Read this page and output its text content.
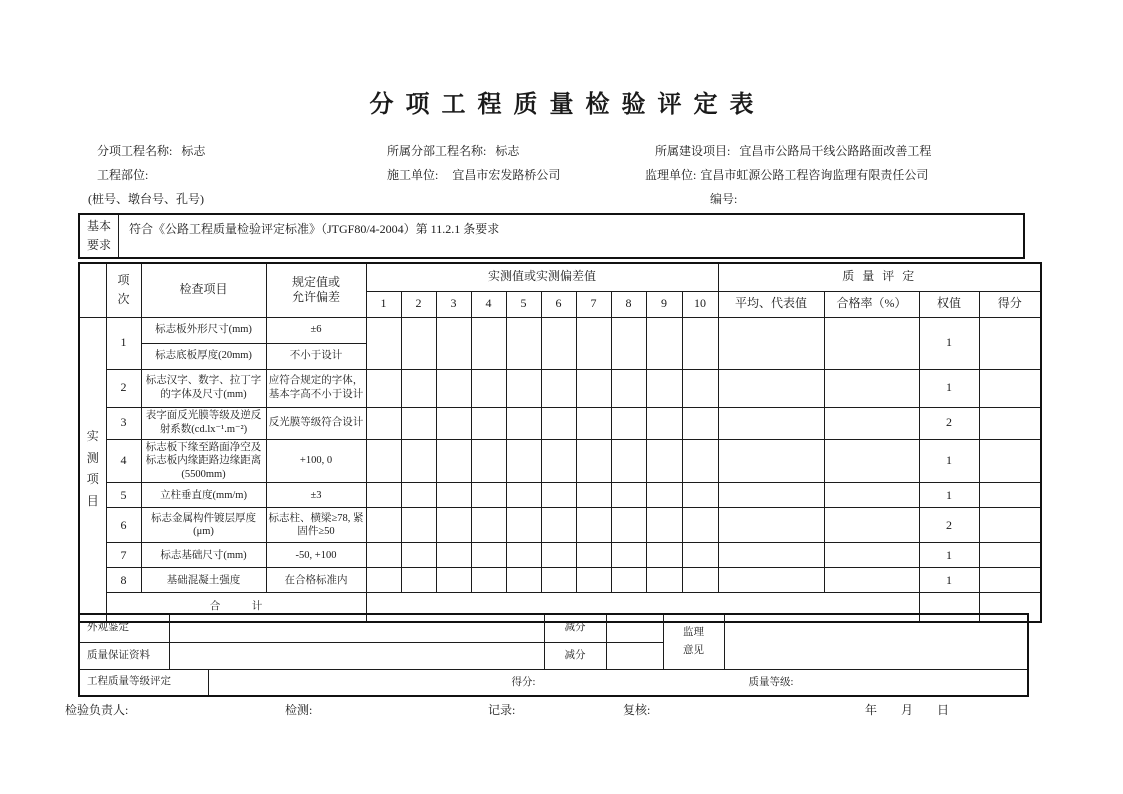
分项工程质量检验评定表
分项工程名称: 标志	所属分部工程名称: 标志	所属建设项目: 宜昌市公路局干线公路路面改善工程
工程部位:	施工单位: 宜昌市宏发路桥公司	监理单位: 宜昌市虹源公路工程咨询监理有限责任公司
(桩号、墩台号、孔号)	编号:
基本要求
符合《公路工程质量检验评定标准》（JTGF80/4-2004）第 11.2.1 条要求

	项次	检查项目	规定值或允许偏差	实测值或实测偏差值										质量评定			
				1	2	3	4	5	6	7	8	9	10	平均、代表值	合格率（%）	权值	得分

实测项目	1	标志板外形尺寸(mm)	±6													1	
		标志底板厚度(20mm)	不小于设计														
	2	标志汉字、数字、拉丁字的字体及尺寸(mm)	应符合规定的字体，基本字高不小于设计													1	
	3	表字面反光膜等级及逆反射系数(cd.lx⁻¹.m⁻²)	反光膜等级符合设计													2	
	4	标志板下缘至路面净空及标志板内缘距路边缘距离 (5500mm)	+100, 0													1	
	5	立柱垂直度(mm/m)	±3													1	
	6	标志金属构件镀层厚度 (μm)	标志柱、横梁≥78, 紧固件≥50													2	
	7	标志基础尺寸(mm)	-50, +100													1	
	8	基础混凝土强度	在合格标准内													1	
	合　　　计																
外观鉴定			减分		监理意见	

质量保证资料			减分			
工程质量等级评定		得分: 质量等级:				
检验负责人:	检测:	记录:	复核:	年　　月　　日
